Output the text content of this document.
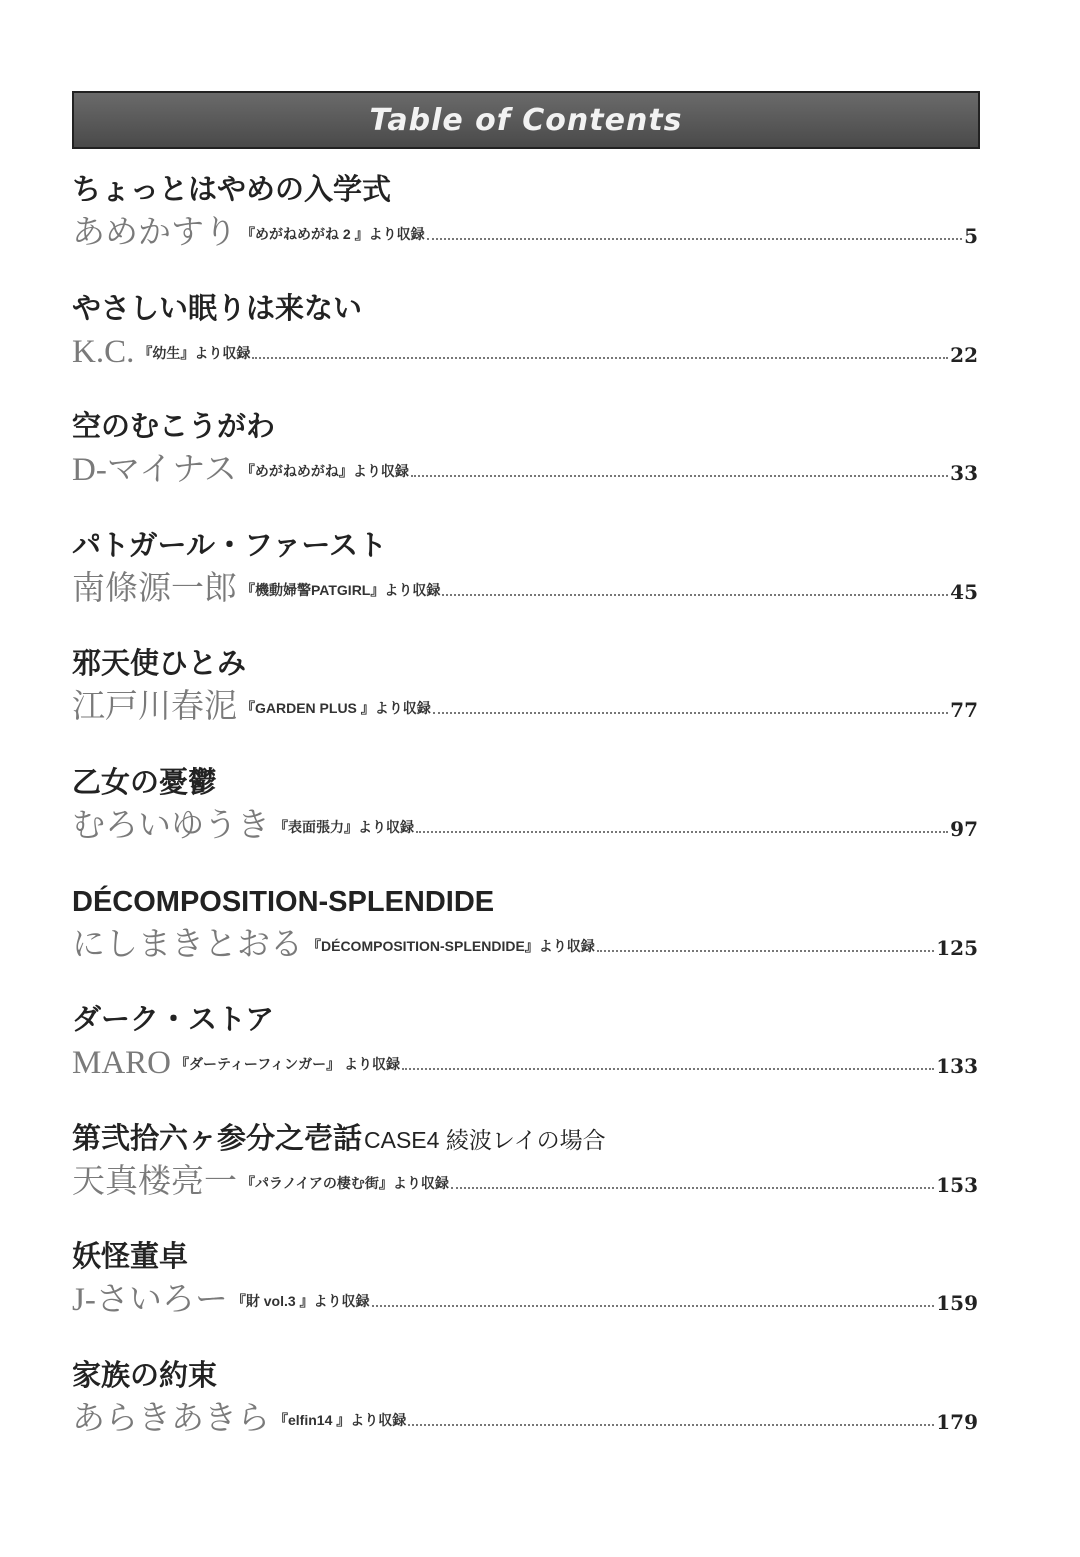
Table of Contents
ちょっとはやめの入学式
あめかすり 『めがねめがね 2 』より収録	5
やさしい眠りは来ない
K.C. 『幼生』より収録	22
空のむこうがわ
D-マイナス 『めがねめがね』より収録	33
パトガール・ファースト
南條源一郎 『機動婦警PATGIRL』より収録	45
邪天使ひとみ
江戸川春泥 『GARDEN PLUS 』より収録	77
乙女の憂鬱
むろいゆうき 『表面張力』より収録	97
DÉCOMPOSITION-SPLENDIDE
にしまきとおる 『DÉCOMPOSITION-SPLENDIDE』より収録	125
ダーク・ストア
MARO 『ダーティーフィンガー』 より収録	133
第弐拾六ヶ参分之壱話CASE4 綾波レイの場合
天真楼亮一 『パラノイアの棲む街』より収録	153
妖怪董卓
J-さいろー 『財 vol.3 』より収録	159
家族の約束
あらきあきら 『elfin14 』より収録	179
